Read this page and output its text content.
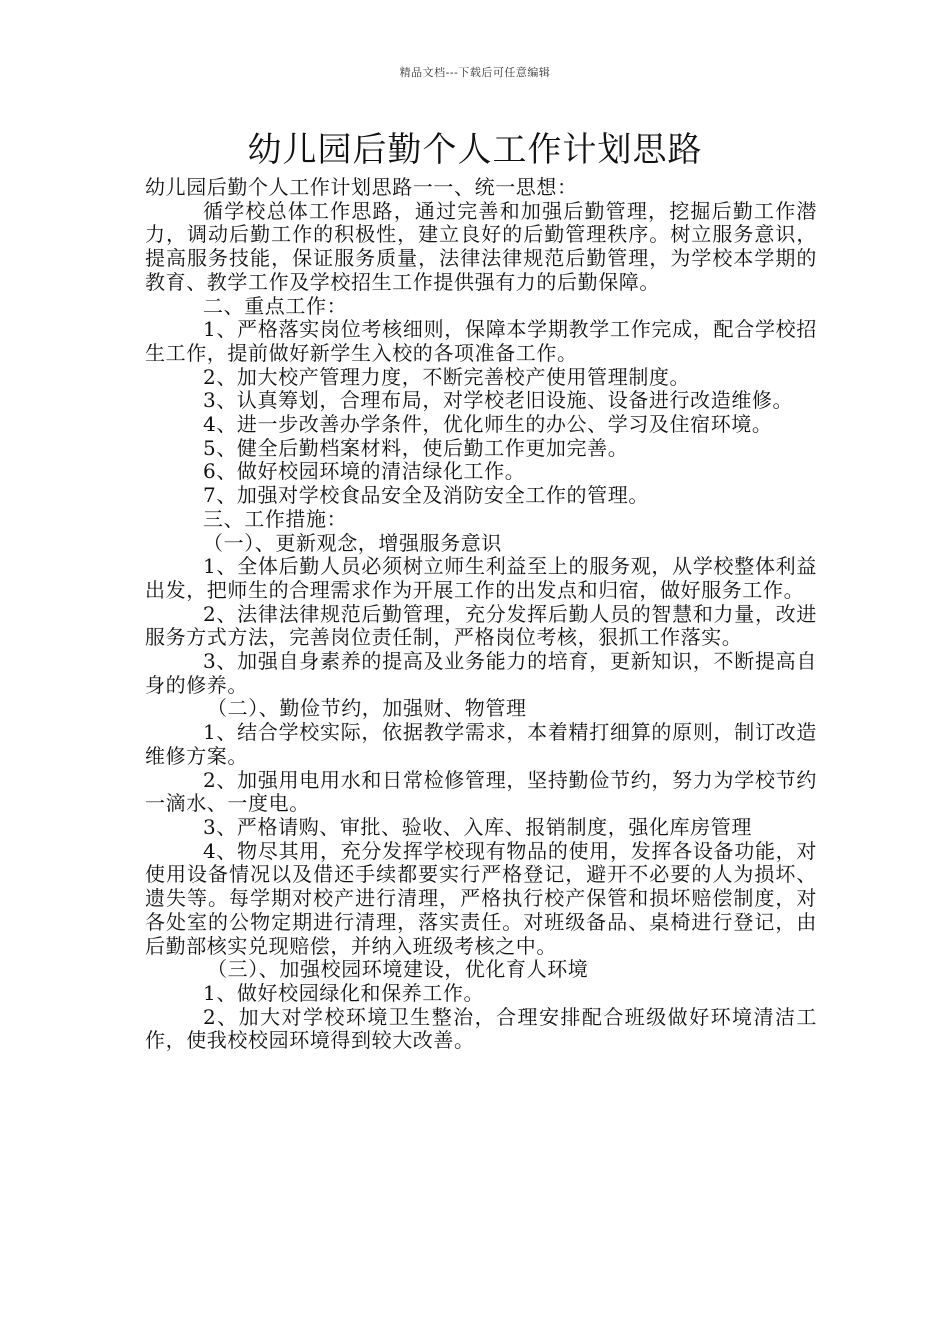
精品文档---下载后可任意编辑
幼儿园后勤个人工作计划思路

幼儿园后勤个人工作计划思路一一、统一思想：

循学校总体工作思路，通过完善和加强后勤管理，挖掘后勤工作潜力，调动后勤工作的积极性，建立良好的后勤管理秩序。树立服务意识，提高服务技能，保证服务质量，法律法律规范后勤管理，为学校本学期的教育、教学工作及学校招生工作提供强有力的后勤保障。

二、重点工作：

1、严格落实岗位考核细则，保障本学期教学工作完成，配合学校招生工作，提前做好新学生入校的各项准备工作。

2、加大校产管理力度，不断完善校产使用管理制度。

3、认真筹划，合理布局，对学校老旧设施、设备进行改造维修。

4、进一步改善办学条件，优化师生的办公、学习及住宿环境。

5、健全后勤档案材料，使后勤工作更加完善。

6、做好校园环境的清洁绿化工作。

7、加强对学校食品安全及消防安全工作的管理。

三、工作措施：

（一）、更新观念，增强服务意识

1、全体后勤人员必须树立师生利益至上的服务观，从学校整体利益出发，把师生的合理需求作为开展工作的出发点和归宿，做好服务工作。

2、法律法律规范后勤管理，充分发挥后勤人员的智慧和力量，改进服务方式方法，完善岗位责任制，严格岗位考核，狠抓工作落实。

3、加强自身素养的提高及业务能力的培育，更新知识，不断提高自身的修养。

（二）、勤俭节约，加强财、物管理

1、结合学校实际，依据教学需求，本着精打细算的原则，制订改造维修方案。

2、加强用电用水和日常检修管理，坚持勤俭节约，努力为学校节约一滴水、一度电。

3、严格请购、审批、验收、入库、报销制度，强化库房管理

4、物尽其用，充分发挥学校现有物品的使用，发挥各设备功能，对使用设备情况以及借还手续都要实行严格登记，避开不必要的人为损坏、遗失等。每学期对校产进行清理，严格执行校产保管和损坏赔偿制度，对各处室的公物定期进行清理，落实责任。对班级备品、桌椅进行登记，由后勤部核实兑现赔偿，并纳入班级考核之中。

（三）、加强校园环境建设，优化育人环境

1、做好校园绿化和保养工作。

2、加大对学校环境卫生整治，合理安排配合班级做好环境清洁工作，使我校校园环境得到较大改善。
